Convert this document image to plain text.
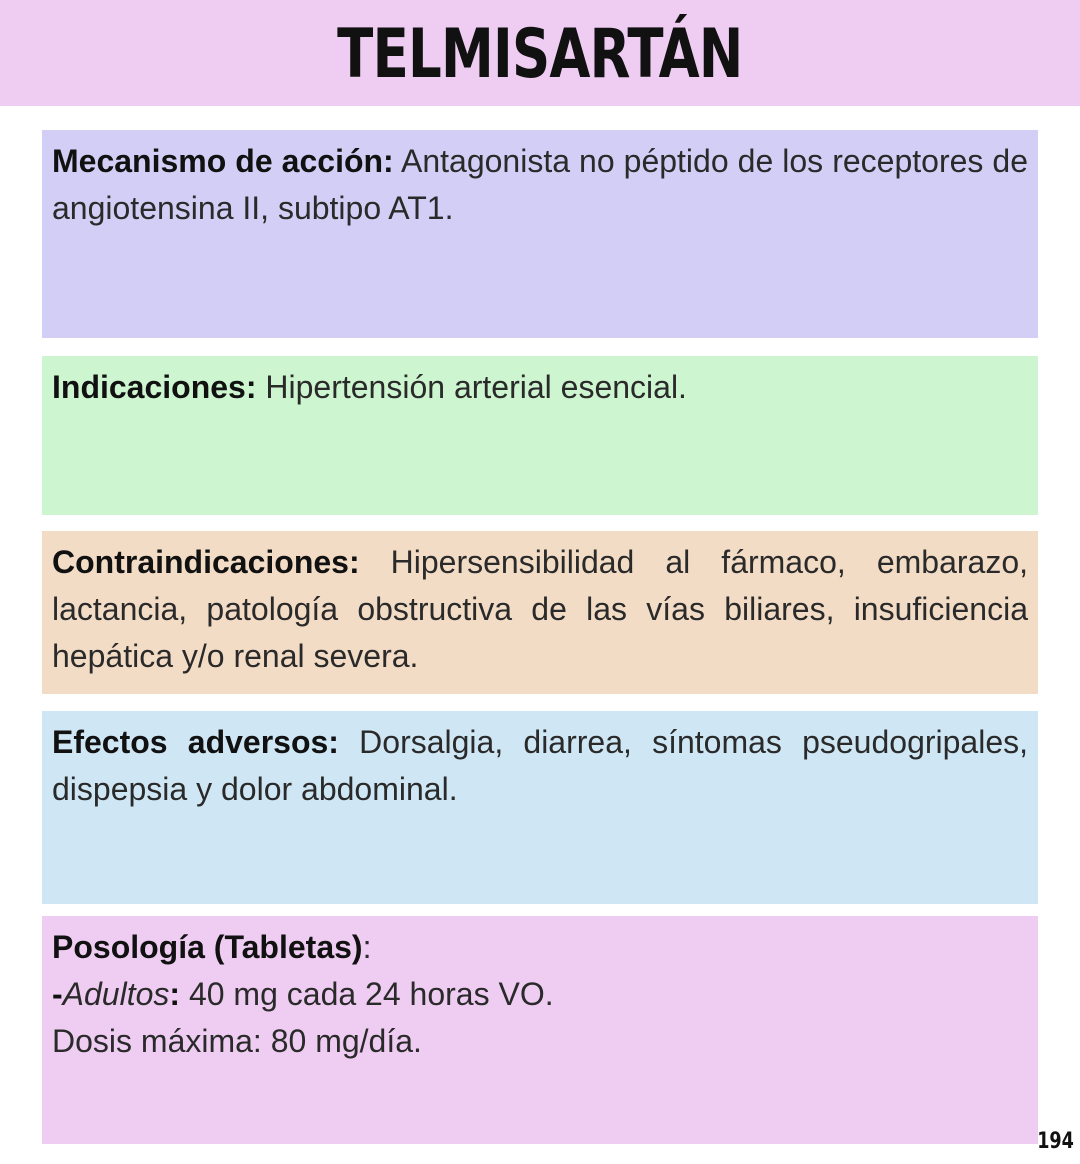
TELMISARTÁN
Mecanismo de acción: Antagonista no péptido de los receptores de angiotensina II, subtipo AT1.
Indicaciones: Hipertensión arterial esencial.
Contraindicaciones: Hipersensibilidad al fármaco, embarazo, lactancia, patología obstructiva de las vías biliares, insuficiencia hepática y/o renal severa.
Efectos adversos: Dorsalgia, diarrea, síntomas pseudogripales, dispepsia y dolor abdominal.
Posología (Tabletas):
-Adultos: 40 mg cada 24 horas VO.
Dosis máxima: 80 mg/día.
194
